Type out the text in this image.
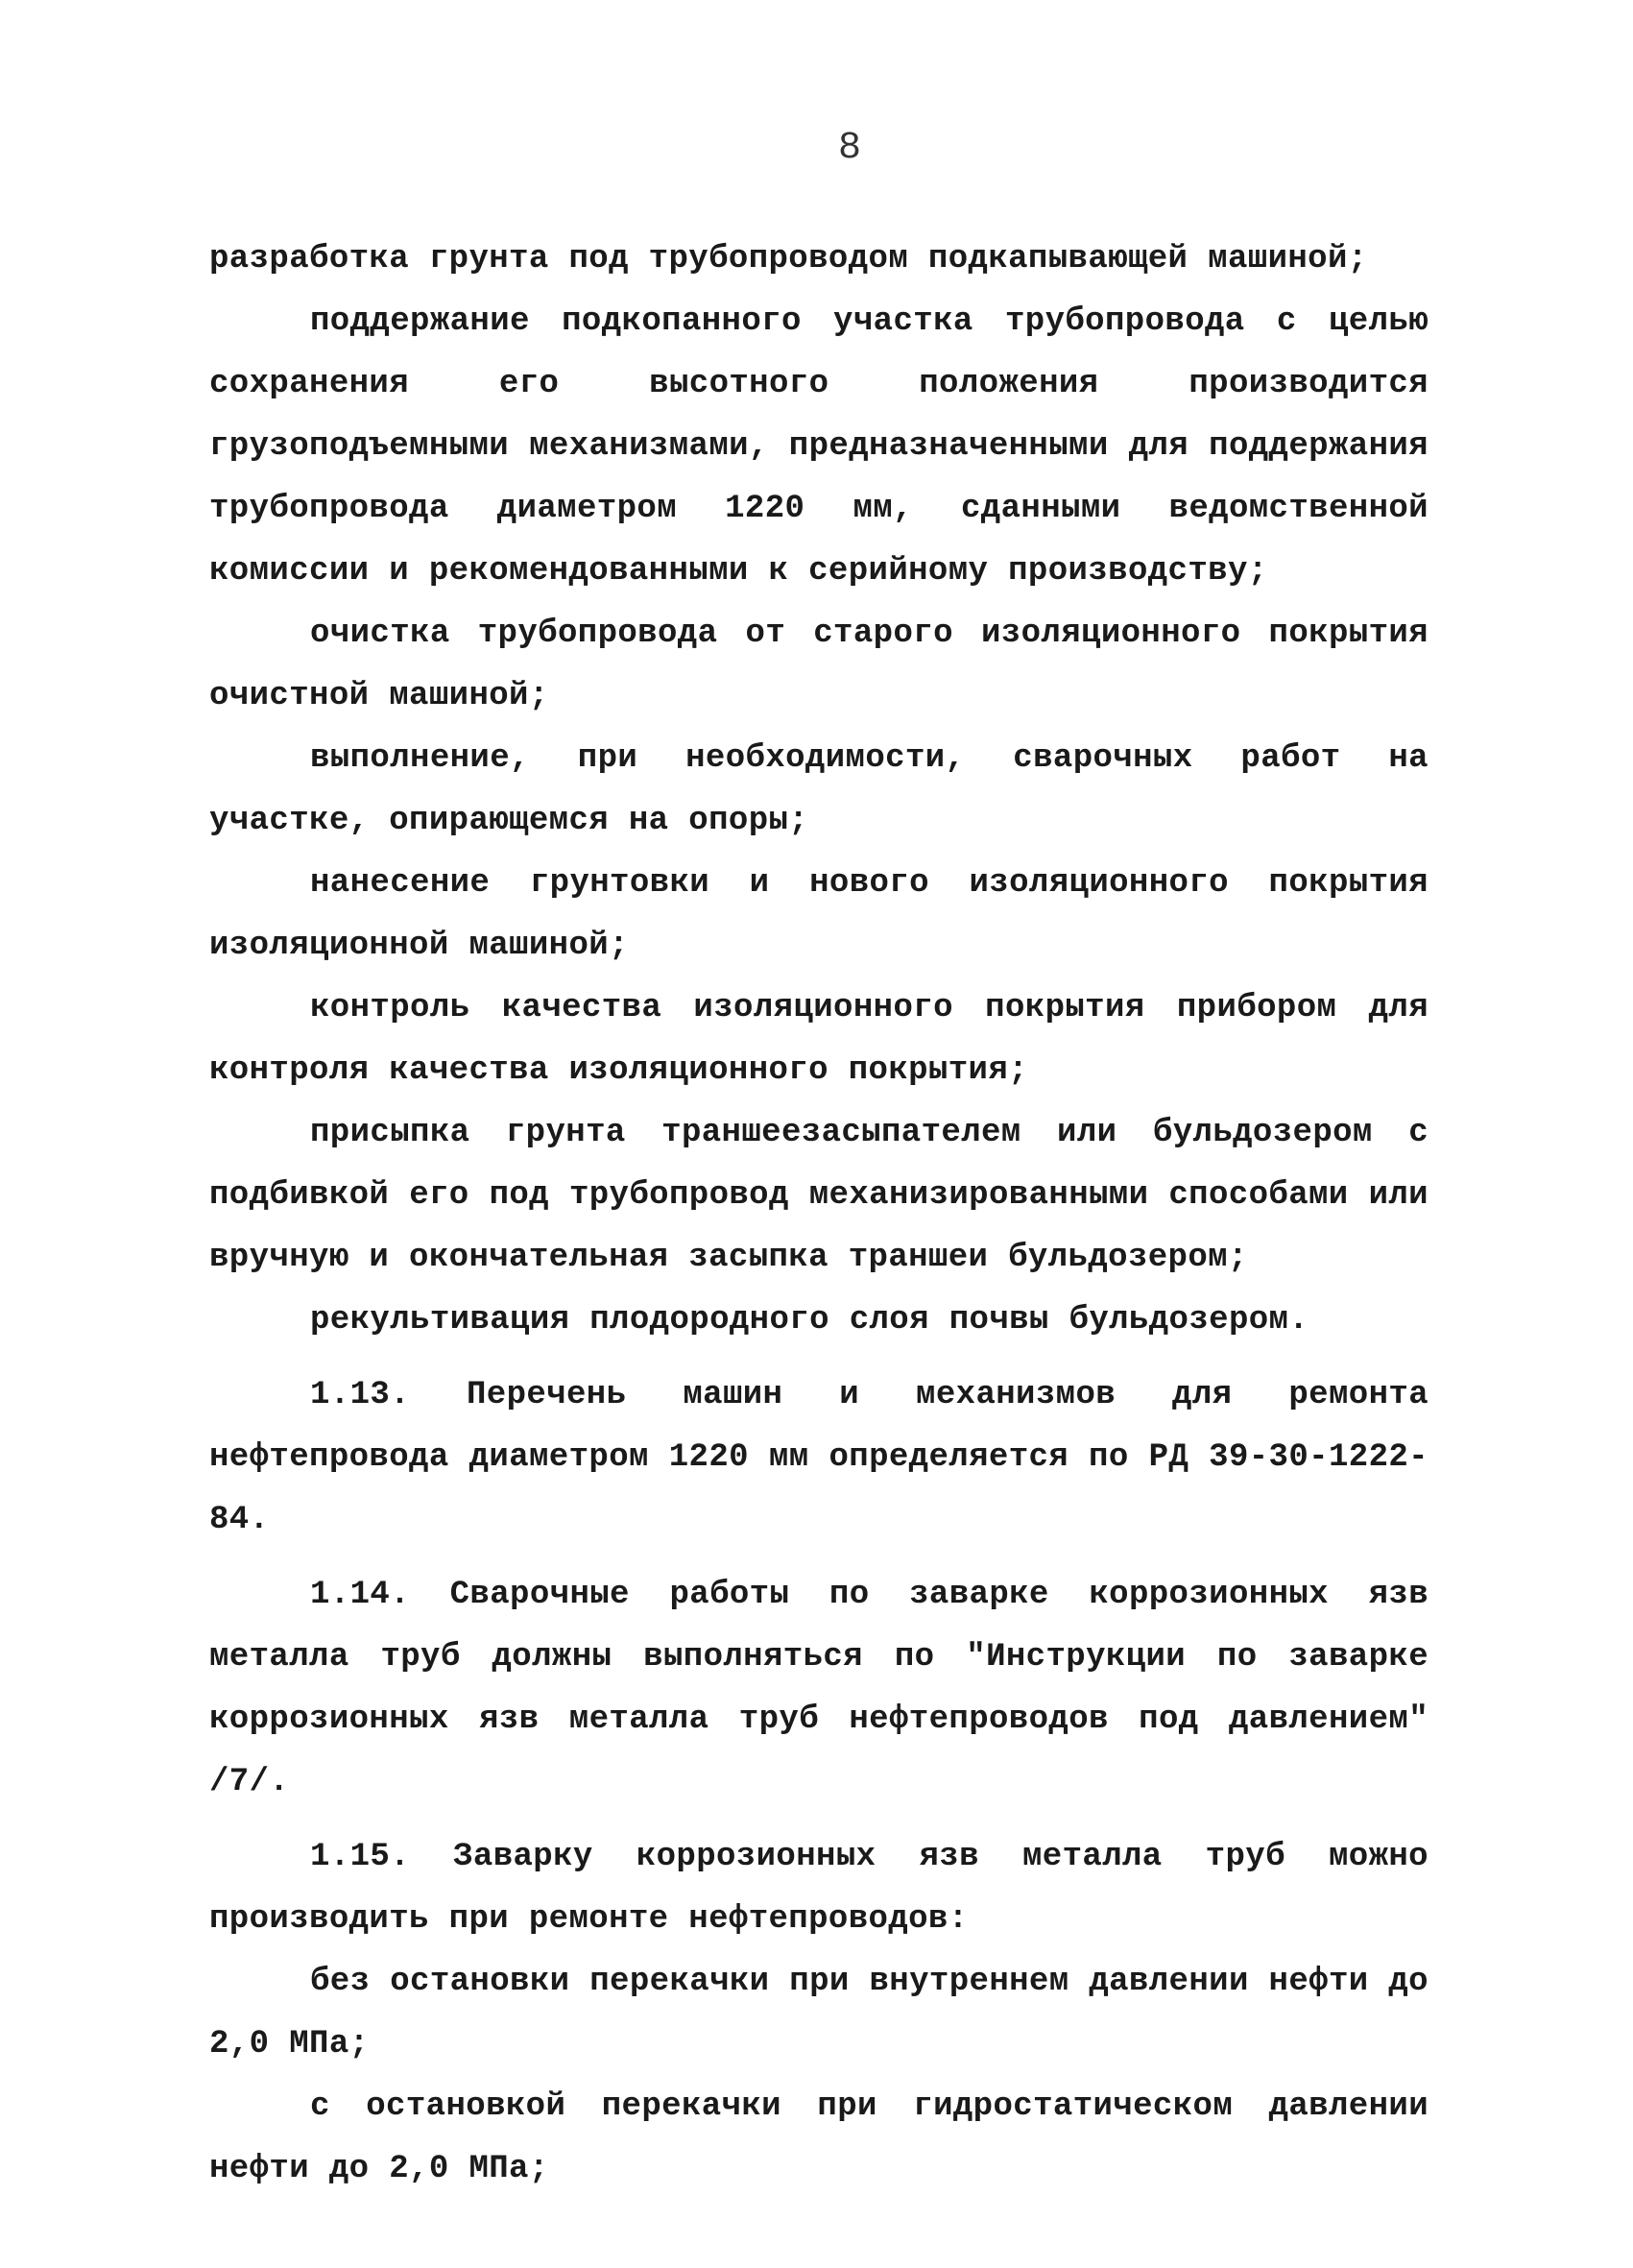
8

разработка грунта под трубопроводом подкапывающей машиной;

поддержание подкопанного участка трубопровода с целью сохранения его высотного положения производится грузоподъемными механизмами, предназначенными для поддержания трубопровода диаметром 1220 мм, сданными ведомственной комиссии и рекомендованными к серийному производству;

очистка трубопровода от старого изоляционного покрытия очистной машиной;

выполнение, при необходимости, сварочных работ на участке, опирающемся на опоры;

нанесение грунтовки и нового изоляционного покрытия изоляционной машиной;

контроль качества изоляционного покрытия прибором для контроля качества изоляционного покрытия;

присыпка грунта траншеезасыпателем или бульдозером с подбивкой его под трубопровод механизированными способами или вручную и окончательная засыпка траншеи бульдозером;

рекультивация плодородного слоя почвы бульдозером.

1.13. Перечень машин и механизмов для ремонта нефтепровода диаметром 1220 мм определяется по РД 39-30-1222-84.

1.14. Сварочные работы по заварке коррозионных язв металла труб должны выполняться по "Инструкции по заварке коррозионных язв металла труб нефтепроводов под давлением" /7/.

1.15. Заварку коррозионных язв металла труб можно производить при ремонте нефтепроводов:

без остановки перекачки при внутреннем давлении нефти до 2,0 МПа;

с остановкой перекачки при гидростатическом давлении нефти до 2,0 МПа;
